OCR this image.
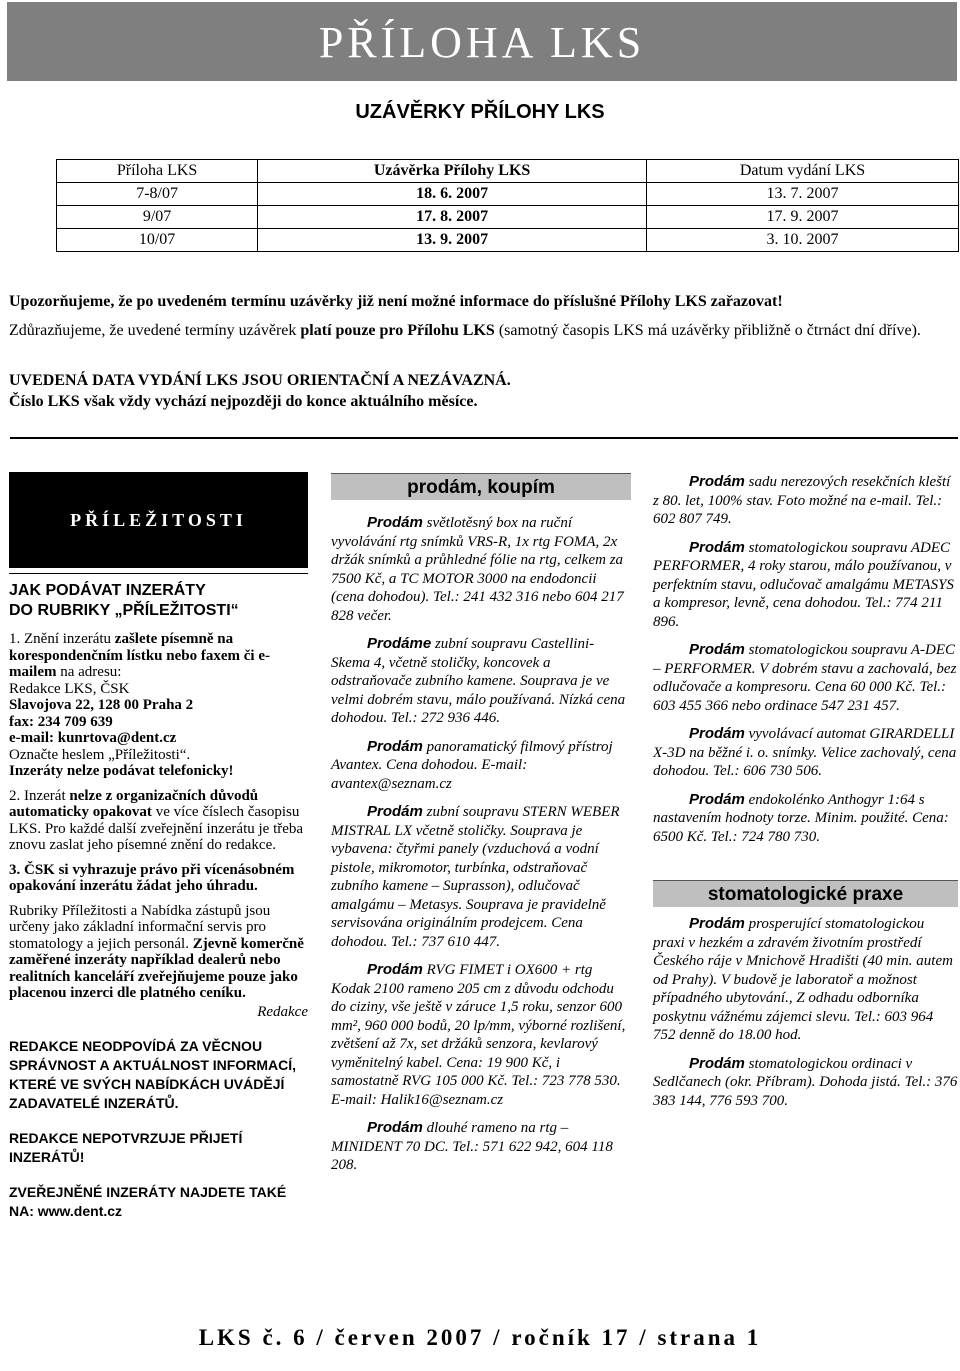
PŘÍLOHA LKS
UZÁVĚRKY PŘÍLOHY LKS
Příloha LKS	Uzávěrka Přílohy LKS	Datum vydání LKS
7-8/07	18. 6. 2007	13. 7. 2007
9/07	17. 8. 2007	17. 9. 2007
10/07	13. 9. 2007	3. 10. 2007
Upozorňujeme, že po uvedeném termínu uzávěrky již není možné informace do příslušné Přílohy LKS zařazovat!
Zdůrazňujeme, že uvedené termíny uzávěrek platí pouze pro Přílohu LKS (samotný časopis LKS má uzávěrky přibližně o čtrnáct dní dříve).
UVEDENÁ DATA VYDÁNÍ LKS JSOU ORIENTAČNÍ A NEZÁVAZNÁ.
Číslo LKS však vždy vychází nejpozději do konce aktuálního měsíce.
PŘÍLEŽITOSTI
JAK PODÁVAT INZERÁTY
DO RUBRIKY „PŘÍLEŽITOSTI“

1. Znění inzerátu zašlete písemně na korespondenčním lístku nebo faxem či e-mailem na adresu:
Redakce LKS, ČSK
Slavojova 22, 128 00 Praha 2
fax: 234 709 639
e-mail: kunrtova@dent.cz
Označte heslem „Příležitosti“.
Inzeráty nelze podávat telefonicky!

2. Inzerát nelze z organizačních důvodů automaticky opakovat ve více číslech časopisu LKS. Pro každé další zveřejnění inzerátu je třeba znovu zaslat jeho písemné znění do redakce.

3. ČSK si vyhrazuje právo při vícenásobném opakování inzerátu žádat jeho úhradu.

Rubriky Příležitosti a Nabídka zástupů jsou určeny jako základní informační servis pro stomatology a jejich personál. Zjevně komerčně zaměřené inzeráty například dealerů nebo realitních kanceláří zveřejňujeme pouze jako placenou inzerci dle platného ceníku.

Redakce
REDAKCE NEODPOVÍDÁ ZA VĚCNOU SPRÁVNOST A AKTUÁLNOST INFORMACÍ, KTERÉ VE SVÝCH NABÍDKÁCH UVÁDĚJÍ ZADAVATELÉ INZERÁTŮ.
REDAKCE NEPOTVRZUJE PŘIJETÍ INZERÁTŮ!
ZVEŘEJNĚNÉ INZERÁTY NAJDETE TAKÉ NA: www.dent.cz
prodám, koupím

Prodám světlotěsný box na ruční vyvolávání rtg snímků VRS-R, 1x rtg FOMA, 2x držák snímků a průhledné fólie na rtg, celkem za 7500 Kč, a TC MOTOR 3000 na endodoncii (cena dohodou). Tel.: 241 432 316 nebo 604 217 828 večer.

Prodáme zubní soupravu Castellini-Skema 4, včetně stoličky, koncovek a odstraňovače zubního kamene. Souprava je ve velmi dobrém stavu, málo používaná. Nízká cena dohodou. Tel.: 272 936 446.

Prodám panoramatický filmový přístroj Avantex. Cena dohodou. E-mail: avantex@seznam.cz

Prodám zubní soupravu STERN WEBER MISTRAL LX včetně stoličky. Souprava je vybavena: čtyřmi panely (vzduchová a vodní pistole, mikromotor, turbínka, odstraňovač zubního kamene – Suprasson), odlučovač amalgámu – Metasys. Souprava je pravidelně servisována originálním prodejcem. Cena dohodou. Tel.: 737 610 447.

Prodám RVG FIMET i OX600 + rtg Kodak 2100 rameno 205 cm z důvodu odchodu do ciziny, vše ještě v záruce 1,5 roku, senzor 600 mm², 960 000 bodů, 20 lp/mm, výborné rozlišení, zvětšení až 7x, set držáků senzora, kevlarový vyměnitelný kabel. Cena: 19 900 Kč, i samostatně RVG 105 000 Kč. Tel.: 723 778 530. E-mail: Halik16@seznam.cz

Prodám dlouhé rameno na rtg – MINIDENT 70 DC. Tel.: 571 622 942, 604 118 208.

Prodám sadu nerezových resekčních kleští z 80. let, 100% stav. Foto možné na e-mail. Tel.: 602 807 749.

Prodám stomatologickou soupravu ADEC PERFORMER, 4 roky starou, málo používanou, v perfektním stavu, odlučovač amalgámu METASYS a kompresor, levně, cena dohodou. Tel.: 774 211 896.

Prodám stomatologickou soupravu A-DEC – PERFORMER. V dobrém stavu a zachovalá, bez odlučovače a kompresoru. Cena 60 000 Kč. Tel.: 603 455 366 nebo ordinace 547 231 457.

Prodám vyvolávací automat GIRARDELLI X-3D na běžné i. o. snímky. Velice zachovalý, cena dohodou. Tel.: 606 730 506.

Prodám endokolénko Anthogyr 1:64 s nastavením hodnoty torze. Minim. použité. Cena: 6500 Kč. Tel.: 724 780 730.

stomatologické praxe

Prodám prosperující stomatologickou praxi v hezkém a zdravém životním prostředí Českého ráje v Mnichově Hradišti (40 min. autem od Prahy). V budově je laboratoř a možnost případného ubytování., Z odhadu odborníka poskytnu vážnému zájemci slevu. Tel.: 603 964 752 denně do 18.00 hod.

Prodám stomatologickou ordinaci v Sedlčanech (okr. Příbram). Dohoda jistá. Tel.: 376 383 144, 776 593 700.

LKS č. 6 / červen 2007 / ročník 17 / strana 1
